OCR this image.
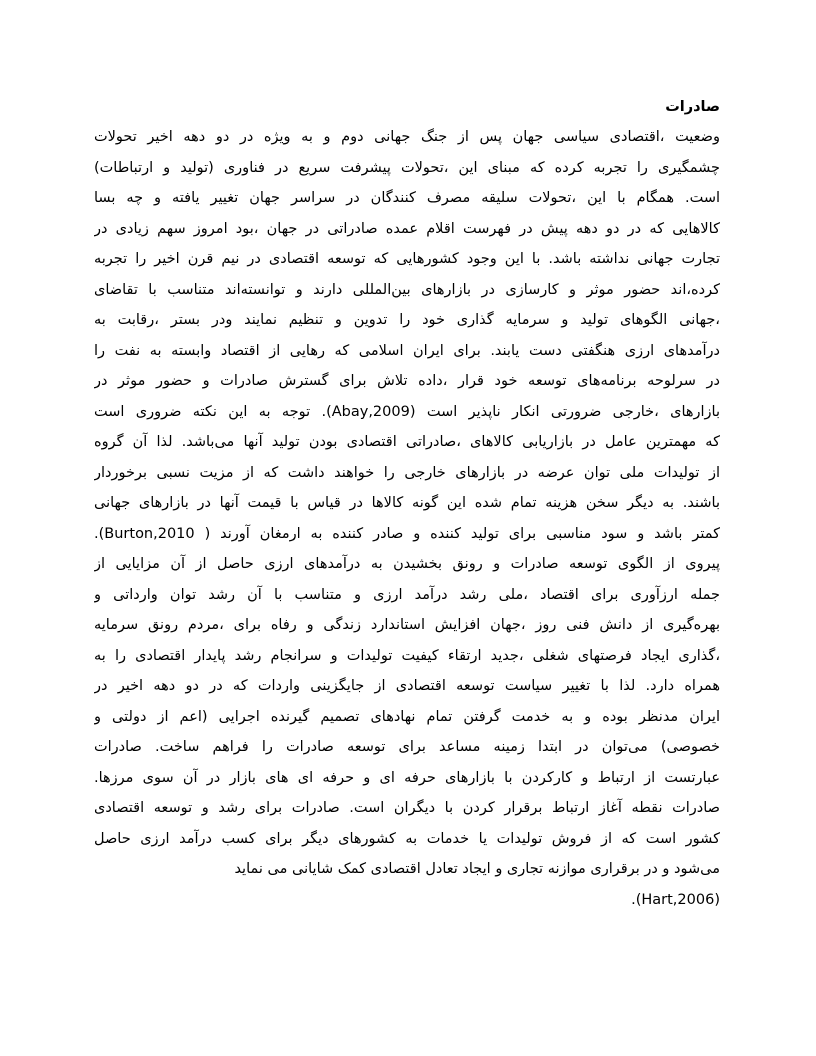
صادرات
وضعیت ،اقتصادی سیاسی جهان پس از جنگ جهانی دوم و به ویژه در دو دهه اخیر تحولات
چشمگیری را تجربه کرده که مبنای این ،تحولات پیشرفت سریع در فناوری (تولید و ارتباطات)
است. همگام با این ،تحولات سلیقه مصرف کنندگان در سراسر جهان تغییر یافته و چه بسا
کالاهایی که در دو دهه پیش در فهرست اقلام عمده صادراتی در جهان ،بود امروز سهم زیادی در
تجارت جهانی نداشته باشد. با این وجود کشورهایی که توسعه اقتصادی در نیم قرن اخیر را تجربه
کرده،اند حضور موثر و کارسازی در بازارهای بین‌المللی دارند و توانسته‌اند متناسب با تقاضای
،جهانی الگوهای تولید و سرمایه گذاری خود را تدوین و تنظیم نمایند ودر بستر ،رقابت به
درآمدهای ارزی هنگفتی دست یابند. برای ایران اسلامی که رهایی از اقتصاد وابسته به نفت را
در سرلوحه برنامه‌های توسعه خود قرار ،داده تلاش برای گسترش صادرات و حضور موثر در
بازارهای ،خارجی ضرورتی انکار ناپذیر است (Abay,2009). توجه به این نکته ضروری است
که مهمترین عامل در بازاریابی کالاهای ،صادراتی اقتصادی بودن تولید آنها می‌باشد. لذا آن گروه
از تولیدات ملی توان عرضه در بازارهای خارجی را خواهند داشت که از مزیت نسبی برخوردار
باشند. به دیگر سخن هزینه تمام شده این گونه کالاها در قیاس با قیمت آنها در بازارهای جهانی
کمتر باشد و سود مناسبی برای تولید کننده و صادر کننده به ارمغان آورند ( Burton,2010).
پیروی از الگوی توسعه صادرات و رونق بخشیدن به درآمدهای ارزی حاصل از آن مزایایی از
جمله ارزآوری برای اقتصاد ،ملی رشد درآمد ارزی و متناسب با آن رشد توان وارداتی و
بهره‌گیری از دانش فنی روز ،جهان افزایش استاندارد زندگی و رفاه برای ،مردم رونق سرمایه
،گذاری ایجاد فرصتهای شغلی ،جدید ارتقاء کیفیت تولیدات و سرانجام رشد پایدار اقتصادی را به
همراه دارد. لذا با تغییر سیاست توسعه اقتصادی از جایگزینی واردات که در دو دهه اخیر در
ایران مدنظر بوده و به خدمت گرفتن تمام نهادهای تصمیم گیرنده اجرایی (اعم از دولتی و
خصوصی) می‌توان در ابتدا زمینه مساعد برای توسعه صادرات را فراهم ساخت. صادرات
عبارتست از ارتباط و کارکردن با بازارهای حرفه ای و حرفه ای های بازار در آن سوی مرزها.
صادرات نقطه آغاز ارتباط برقرار کردن با دیگران است. صادرات برای رشد و توسعه اقتصادی
کشور است که از فروش تولیدات یا خدمات به کشورهای دیگر برای کسب درآمد ارزی حاصل
می‌شود و در برقراری موازنه تجاری و ایجاد تعادل اقتصادی کمک شایانی می نماید
(Hart,2006).
